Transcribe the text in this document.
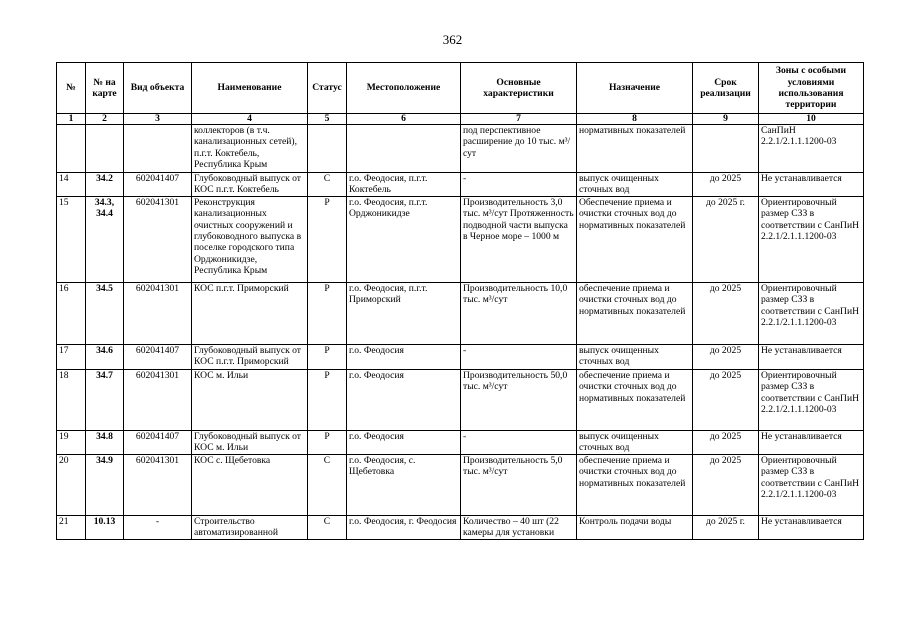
362
№	№ на карте	Вид объекта	Наименование	Статус	Местоположение	Основные характеристики	Назначение	Срок реализации	Зоны с особыми условиями использования территории
1	2	3	4	5	6	7	8	9	10
			коллекторов (в т.ч. канализационных сетей), п.г.т. Коктебель, Республика Крым			под перспективное расширение до 10 тыс. м³/сут	нормативных показателей		СанПиН 2.2.1/2.1.1.1200-03
14	34.2	602041407	Глубоководный выпуск от КОС п.г.т. Коктебель	С	г.о. Феодосия, п.г.т. Коктебель	-	выпуск очищенных сточных вод	до 2025	Не устанавливается
15	34.3, 34.4	602041301	Реконструкция канализационных очистных сооружений и глубоководного выпуска в поселке городского типа Орджоникидзе, Республика Крым	Р	г.о. Феодосия, п.г.т. Орджоникидзе	Производительность 3,0 тыс. м³/сут Протяженность подводной части выпуска в Черное море – 1000 м	Обеспечение приема и очистки сточных вод до нормативных показателей	до 2025 г.	Ориентировочный размер СЗЗ в соответствии с СанПиН 2.2.1/2.1.1.1200-03
16	34.5	602041301	КОС п.г.т. Приморский	Р	г.о. Феодосия, п.г.т. Приморский	Производительность 10,0 тыс. м³/сут	обеспечение приема и очистки сточных вод до нормативных показателей	до 2025	Ориентировочный размер СЗЗ в соответствии с СанПиН 2.2.1/2.1.1.1200-03
17	34.6	602041407	Глубоководный выпуск от КОС п.г.т. Приморский	Р	г.о. Феодосия	-	выпуск очищенных сточных вод	до 2025	Не устанавливается
18	34.7	602041301	КОС м. Ильи	Р	г.о. Феодосия	Производительность 50,0 тыс. м³/сут	обеспечение приема и очистки сточных вод до нормативных показателей	до 2025	Ориентировочный размер СЗЗ в соответствии с СанПиН 2.2.1/2.1.1.1200-03
19	34.8	602041407	Глубоководный выпуск от КОС м. Ильи	Р	г.о. Феодосия	-	выпуск очищенных сточных вод	до 2025	Не устанавливается
20	34.9	602041301	КОС с. Щебетовка	С	г.о. Феодосия, с. Щебетовка	Производительность 5,0 тыс. м³/сут	обеспечение приема и очистки сточных вод до нормативных показателей	до 2025	Ориентировочный размер СЗЗ в соответствии с СанПиН 2.2.1/2.1.1.1200-03
21	10.13	-	Строительство автоматизированной	С	г.о. Феодосия, г. Феодосия	Количество – 40 шт (22 камеры для установки	Контроль подачи воды	до 2025 г.	Не устанавливается
